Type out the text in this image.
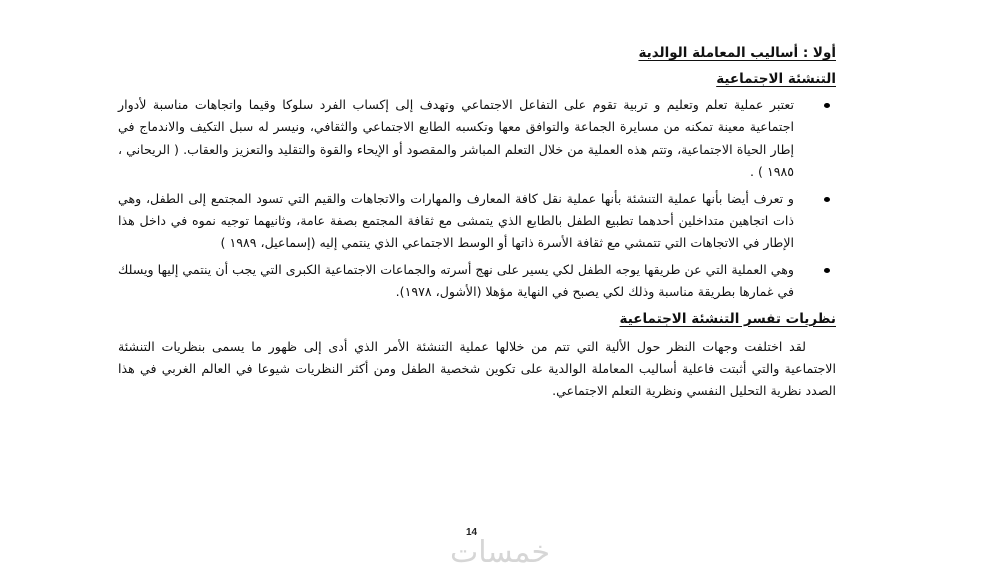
أولا : أساليب المعاملة الوالدية

التنشئة الاجتماعية

تعتبر عملية تعلم وتعليم و تربية تقوم على التفاعل الاجتماعي وتهدف إلى إكساب الفرد سلوكا وقيما واتجاهات مناسبة لأدوار اجتماعية معينة تمكنه من مسايرة الجماعة والتوافق معها وتكسبه الطابع الاجتماعي والثقافي، ونيسر له سبل التكيف والاندماج في إطار الحياة الاجتماعية، وتتم هذه العملية من خلال التعلم المباشر والمقصود أو الإيحاء والقوة والتقليد والتعزيز والعقاب. ( الريحاني ، ١٩٨٥ ) .
و تعرف أيضا بأنها عملية التنشئة بأنها عملية نقل كافة المعارف والمهارات والاتجاهات والقيم التي تسود المجتمع إلى الطفل، وهي ذات اتجاهين متداخلين أحدهما تطبيع الطفل بالطابع الذي يتمشى مع ثقافة المجتمع بصفة عامة، وثانيهما توجيه نموه في داخل هذا الإطار في الاتجاهات التي تتمشي مع ثقافة الأسرة ذاتها أو الوسط الاجتماعي الذي ينتمي إليه (إسماعيل، ١٩٨٩ )
وهي العملية التي عن طريقها يوجه الطفل لكي يسير على نهج أسرته والجماعات الاجتماعية الكبرى التي يجب أن ينتمي إليها ويسلك في غمارها بطريقة مناسبة وذلك لكي يصبح في النهاية مؤهلا (الأشول، ١٩٧٨).

نظريات تفسر التنشئة الاجتماعية

لقد اختلفت وجهات النظر حول الألية التي تتم من خلالها عملية التنشئة الأمر الذي أدى إلى ظهور ما يسمى بنظريات التنشئة الاجتماعية والتي أثبتت فاعلية أساليب المعاملة الوالدية على تكوين شخصية الطفل ومن أكثر النظريات شيوعا في العالم الغربي في هذا الصدد نظرية التحليل النفسي ونظرية التعلم الاجتماعي.

14
خمسات
